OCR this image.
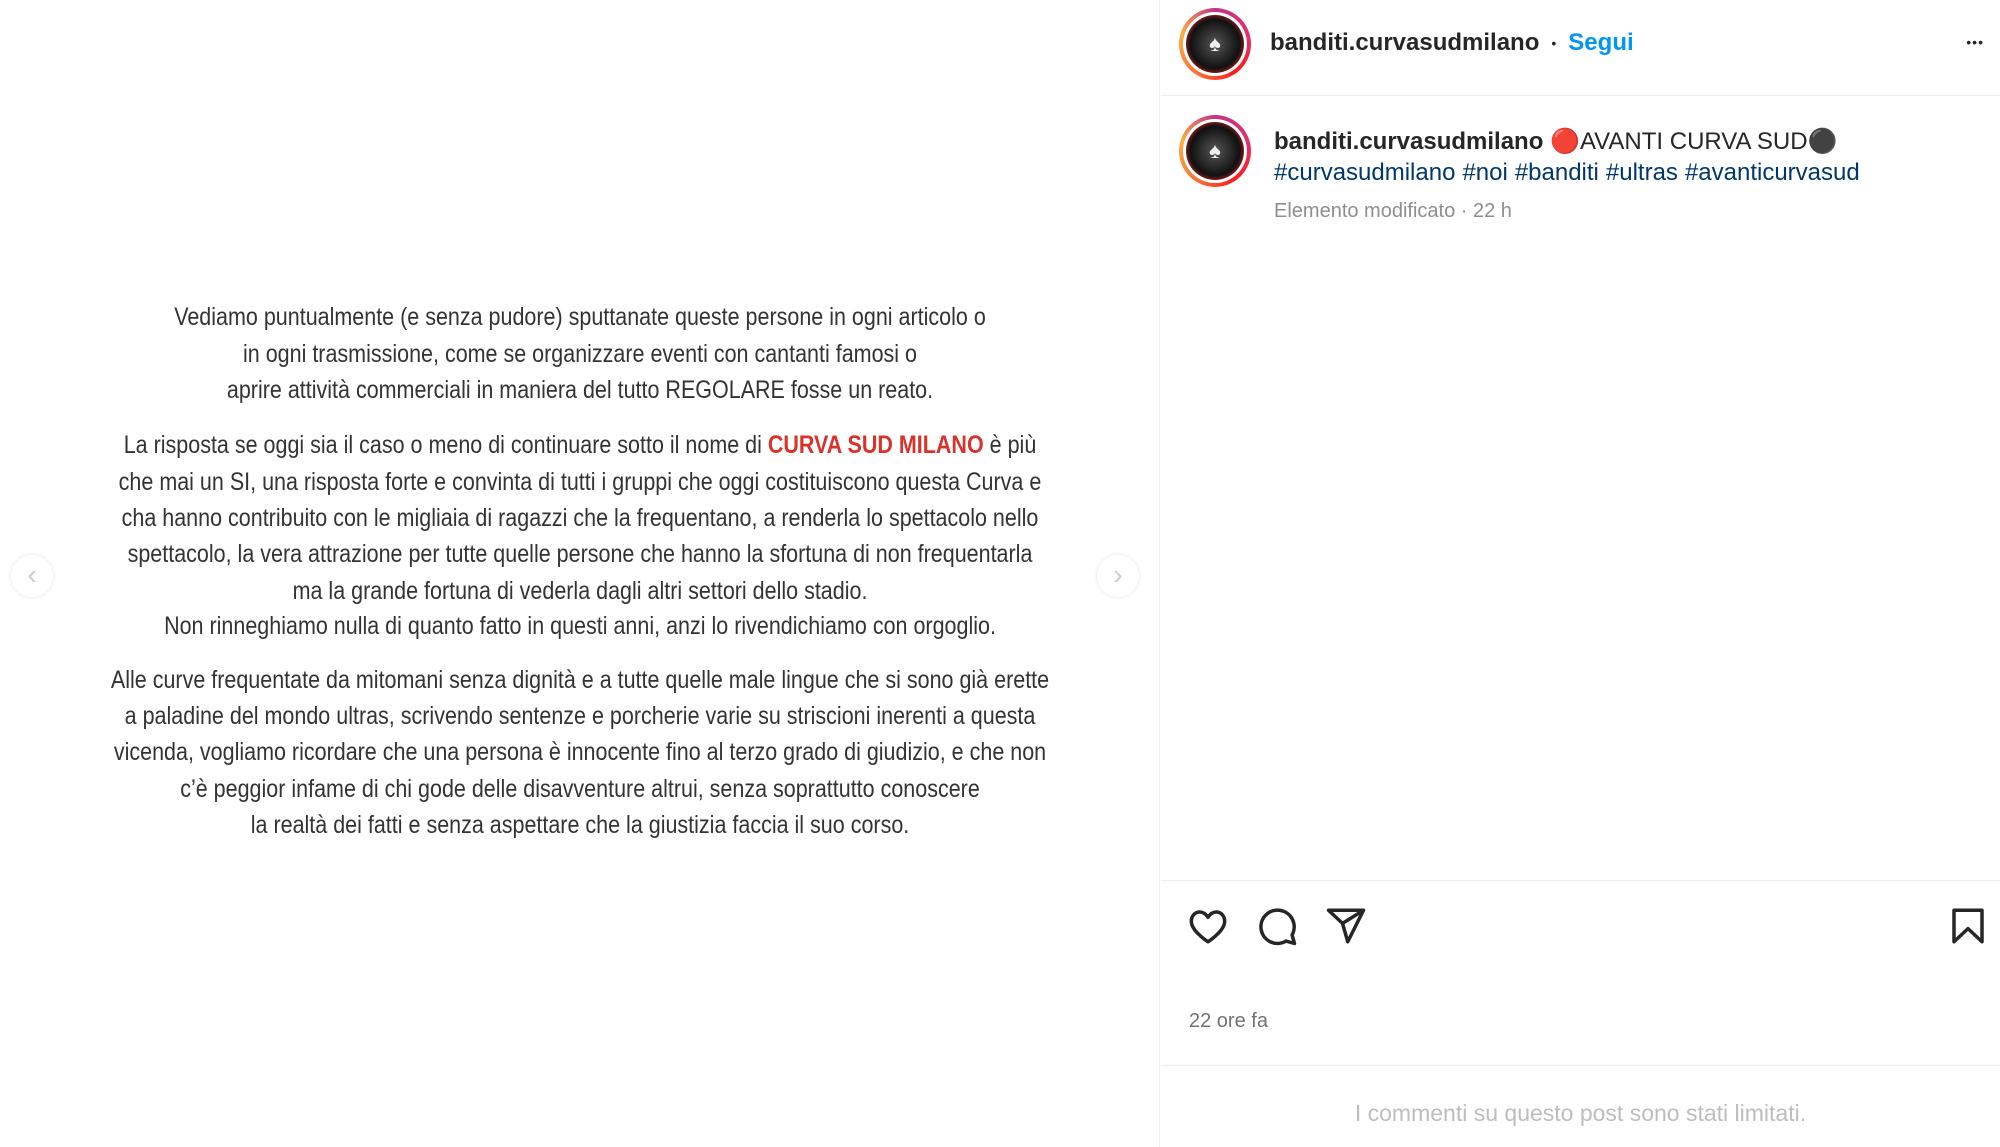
Vediamo puntualmente (e senza pudore) sputtanate queste persone in ogni articolo o
in ogni trasmissione, come se organizzare eventi con cantanti famosi o
aprire attività commerciali in maniera del tutto REGOLARE fosse un reato.
La risposta se oggi sia il caso o meno di continuare sotto il nome di CURVA SUD MILANO è più
che mai un SI, una risposta forte e convinta di tutti i gruppi che oggi costituiscono questa Curva e
cha hanno contribuito con le migliaia di ragazzi che la frequentano, a renderla lo spettacolo nello
spettacolo, la vera attrazione per tutte quelle persone che hanno la sfortuna di non frequentarla
ma la grande fortuna di vederla dagli altri settori dello stadio.
Non rinneghiamo nulla di quanto fatto in questi anni, anzi lo rivendichiamo con orgoglio.
Alle curve frequentate da mitomani senza dignità e a tutte quelle male lingue che si sono già erette
a paladine del mondo ultras, scrivendo sentenze e porcherie varie su striscioni inerenti a questa
vicenda, vogliamo ricordare che una persona è innocente fino al terzo grado di giudizio, e che non
c’è peggior infame di chi gode delle disavventure altrui, senza soprattutto conoscere
la realtà dei fatti e senza aspettare che la giustizia faccia il suo corso.
‹	›
♠	banditi.curvasudmilano • Segui	•••
♠	banditi.curvasudmilano 🔴AVANTI CURVA SUD⚫
#curvasudmilano #noi #banditi #ultras #avanticurvasud
Elemento modificato · 22 h
22 ore fa
I commenti su questo post sono stati limitati.
